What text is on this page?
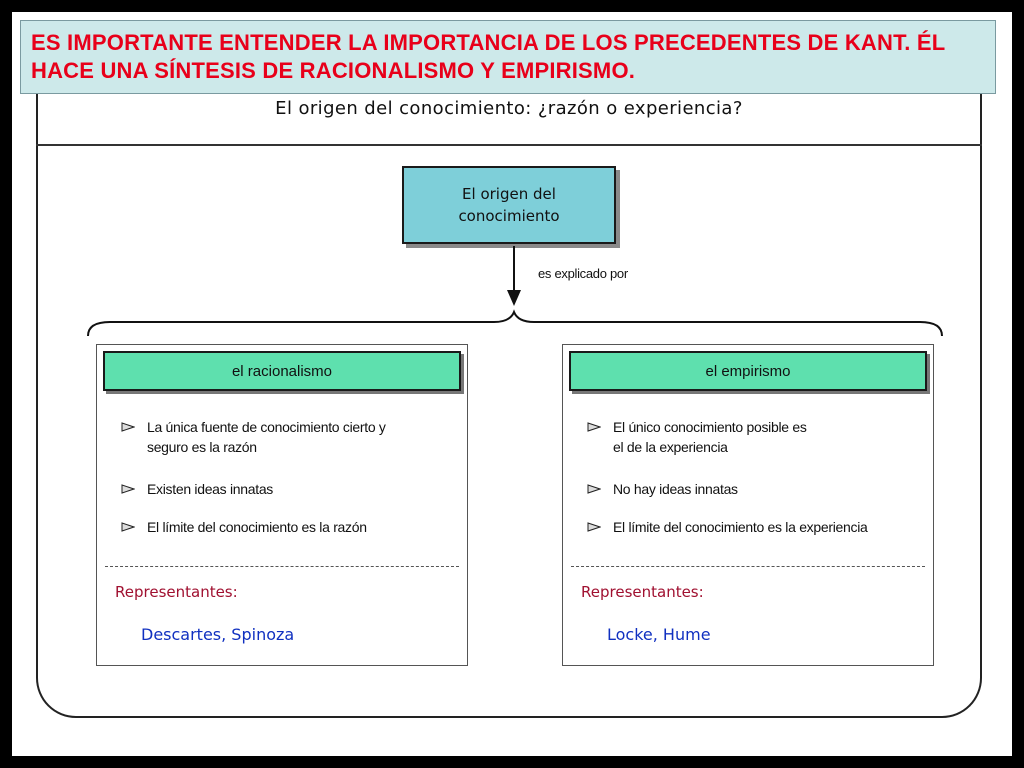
El origen del conocimiento: ¿razón o experiencia?
ES IMPORTANTE ENTENDER LA IMPORTANCIA DE LOS PRECEDENTES DE KANT. ÉL HACE UNA SÍNTESIS DE RACIONALISMO Y EMPIRISMO.
El origen del
conocimiento
es explicado por
el racionalismo
La única fuente de conocimiento cierto y
seguro es la razón
Existen ideas innatas
El límite del conocimiento es la razón
Representantes:
Descartes, Spinoza
el empirismo
El único conocimiento posible es
el de la experiencia
No hay ideas innatas
El límite del conocimiento es la experiencia
Representantes:
Locke, Hume
